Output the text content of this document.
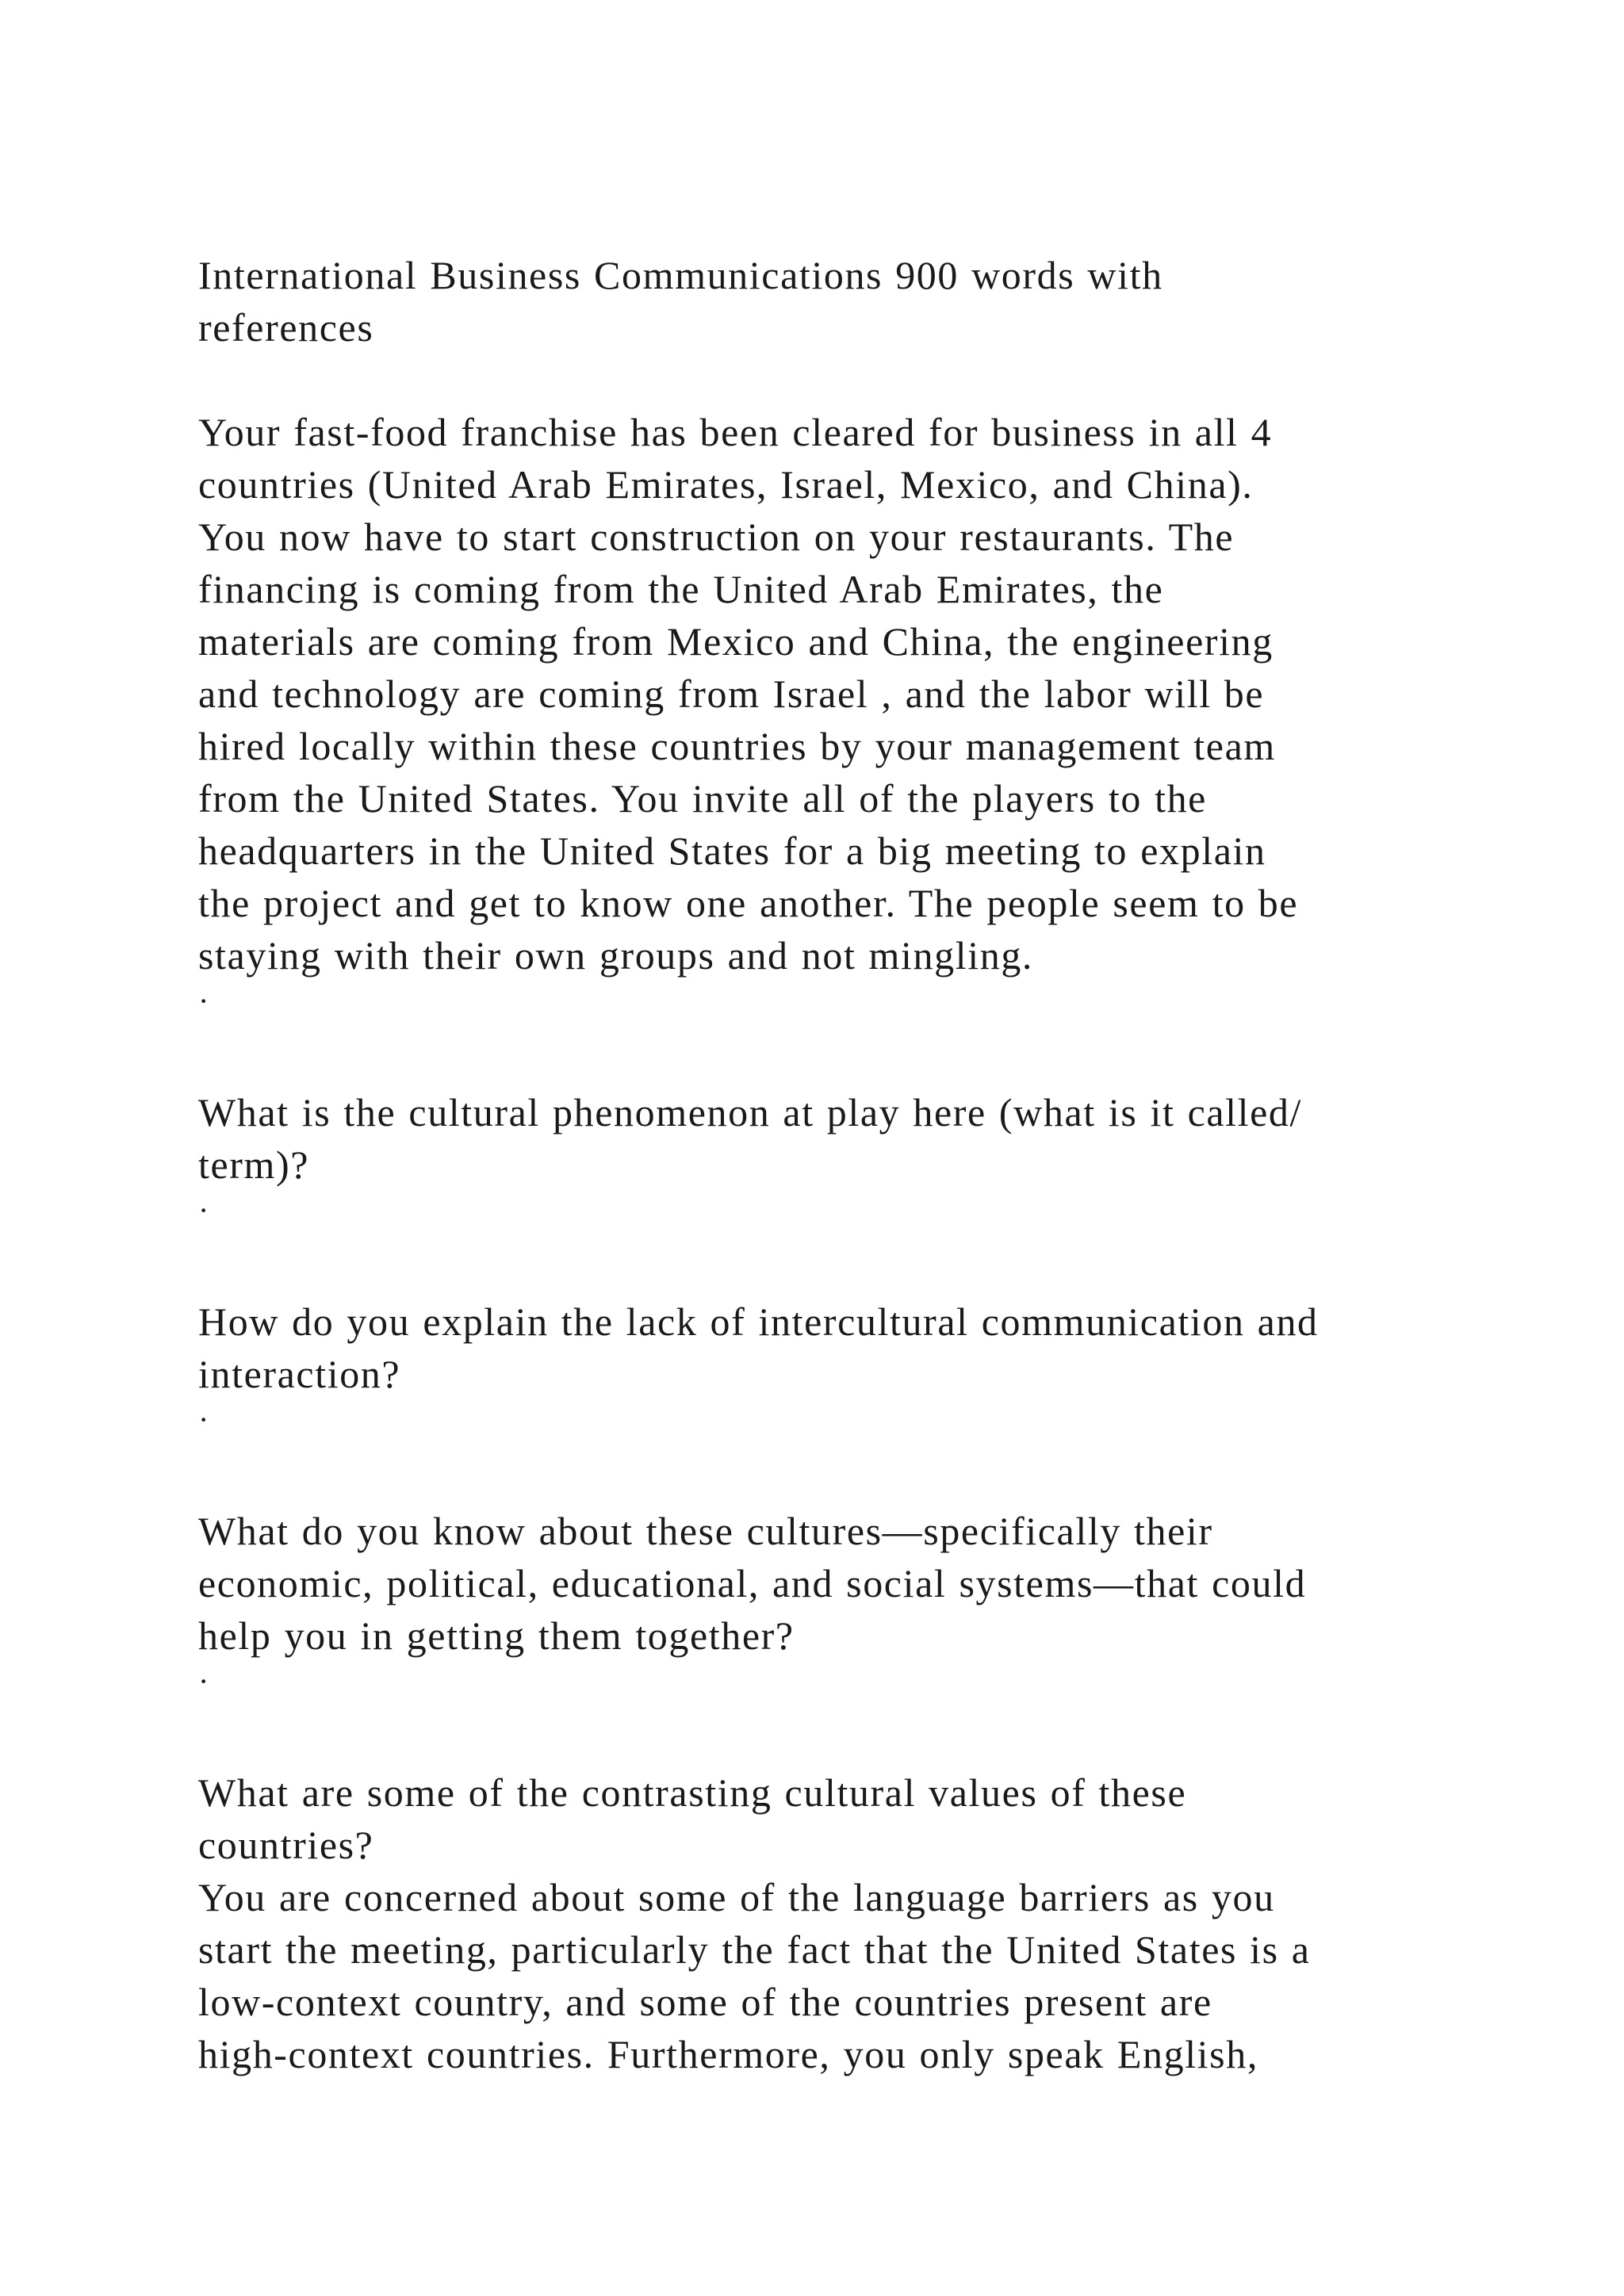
International Business Communications 900 words with
references
Your fast-food franchise has been cleared for business in all 4
countries (United Arab Emirates, Israel, Mexico, and China).
You now have to start construction on your restaurants. The
financing is coming from the United Arab Emirates, the
materials are coming from Mexico and China, the engineering
and technology are coming from Israel , and the labor will be
hired locally within these countries by your management team
from the United States. You invite all of the players to the
headquarters in the United States for a big meeting to explain
the project and get to know one another. The people seem to be
staying with their own groups and not mingling.
·
What is the cultural phenomenon at play here (what is it called/
term)?
·
How do you explain the lack of intercultural communication and
interaction?
·
What do you know about these cultures—specifically their
economic, political, educational, and social systems—that could
help you in getting them together?
·
What are some of the contrasting cultural values of these
countries?
You are concerned about some of the language barriers as you
start the meeting, particularly the fact that the United States is a
low-context country, and some of the countries present are
high-context countries. Furthermore, you only speak English,
